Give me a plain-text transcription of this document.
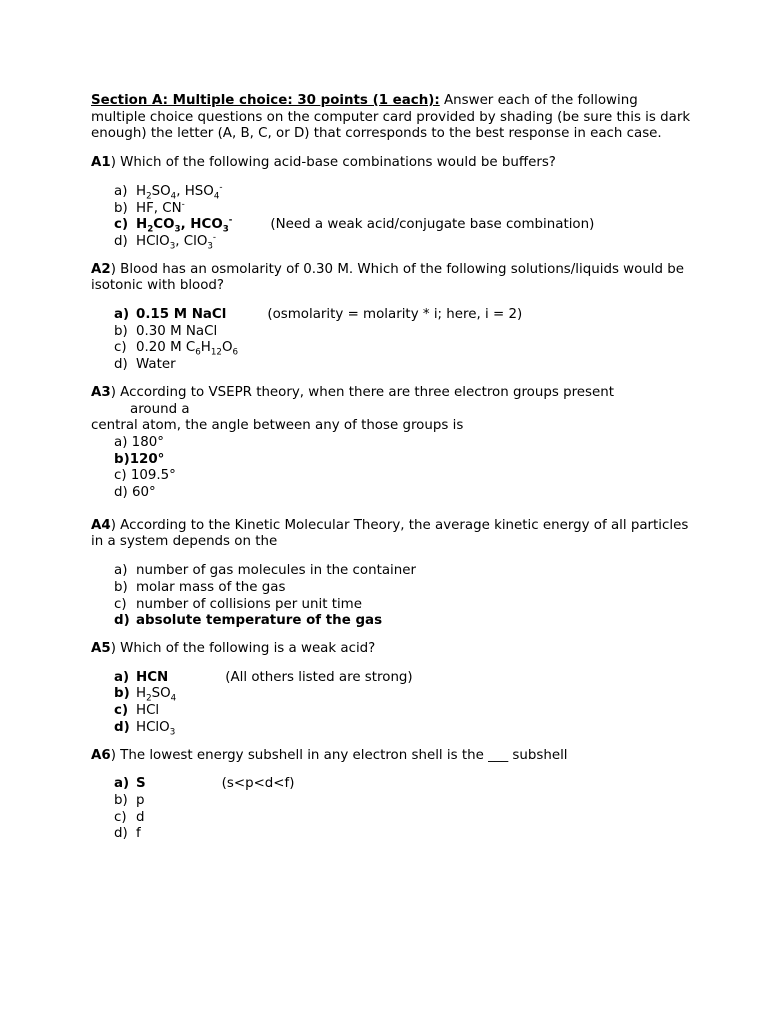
Section A: Multiple choice: 30 points (1 each): Answer each of the following multiple choice questions on the computer card provided by shading (be sure this is dark enough) the letter (A, B, C, or D) that corresponds to the best response in each case.

A1) Which of the following acid-base combinations would be buffers?
a) $H_2SO_4$, $HSO_4^-$
b) HF, CN-
c) $H_2CO_3$, $HCO_3^-$	(Need a weak acid/conjugate base combination)
d) HClO$_3$, ClO$_3$-
A2) Blood has an osmolarity of 0.30 M. Which of the following solutions/liquids would be isotonic with blood?
a) 0.15 M NaCl	(osmolarity = molarity * i; here, i = 2)
b) 0.30 M NaCl
c) 0.20 M $C_6H_{12}O_6$
d) Water
A3) According to VSEPR theory, when there are three electron groups present
around a
central atom, the angle between any of those groups is
a) 180°
b)120°
c) 109.5°
d) 60°
A4) According to the Kinetic Molecular Theory, the average kinetic energy of all particles in a system depends on the
a) number of gas molecules in the container
b) molar mass of the gas
c) number of collisions per unit time
d) absolute temperature of the gas
A5) Which of the following is a weak acid?
a) HCN	(All others listed are strong)
b) $H_2SO_4$
c) HCl
d) HClO$_3$
A6) The lowest energy subshell in any electron shell is the ___ subshell
a) S	(s<p<d<f)
b) p
c) d
d) f
